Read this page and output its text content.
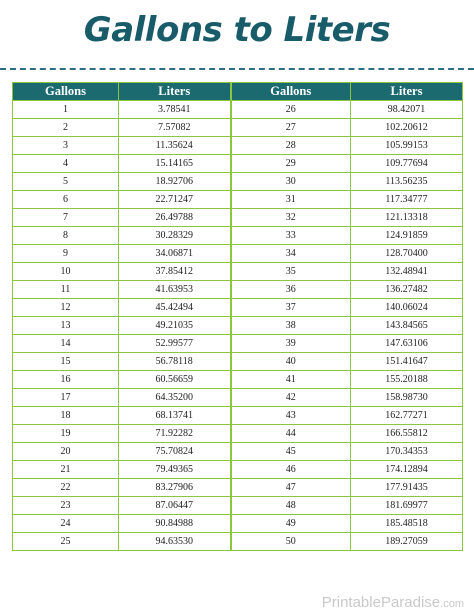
Gallons to Liters
Gallons	Liters	Gallons	Liters
1	3.78541	26	98.42071
2	7.57082	27	102.20612
3	11.35624	28	105.99153
4	15.14165	29	109.77694
5	18.92706	30	113.56235
6	22.71247	31	117.34777
7	26.49788	32	121.13318
8	30.28329	33	124.91859
9	34.06871	34	128.70400
10	37.85412	35	132.48941
11	41.63953	36	136.27482
12	45.42494	37	140.06024
13	49.21035	38	143.84565
14	52.99577	39	147.63106
15	56.78118	40	151.41647
16	60.56659	41	155.20188
17	64.35200	42	158.98730
18	68.13741	43	162.77271
19	71.92282	44	166.55812
20	75.70824	45	170.34353
21	79.49365	46	174.12894
22	83.27906	47	177.91435
23	87.06447	48	181.69977
24	90.84988	49	185.48518
25	94.63530	50	189.27059
PrintableParadise.com
